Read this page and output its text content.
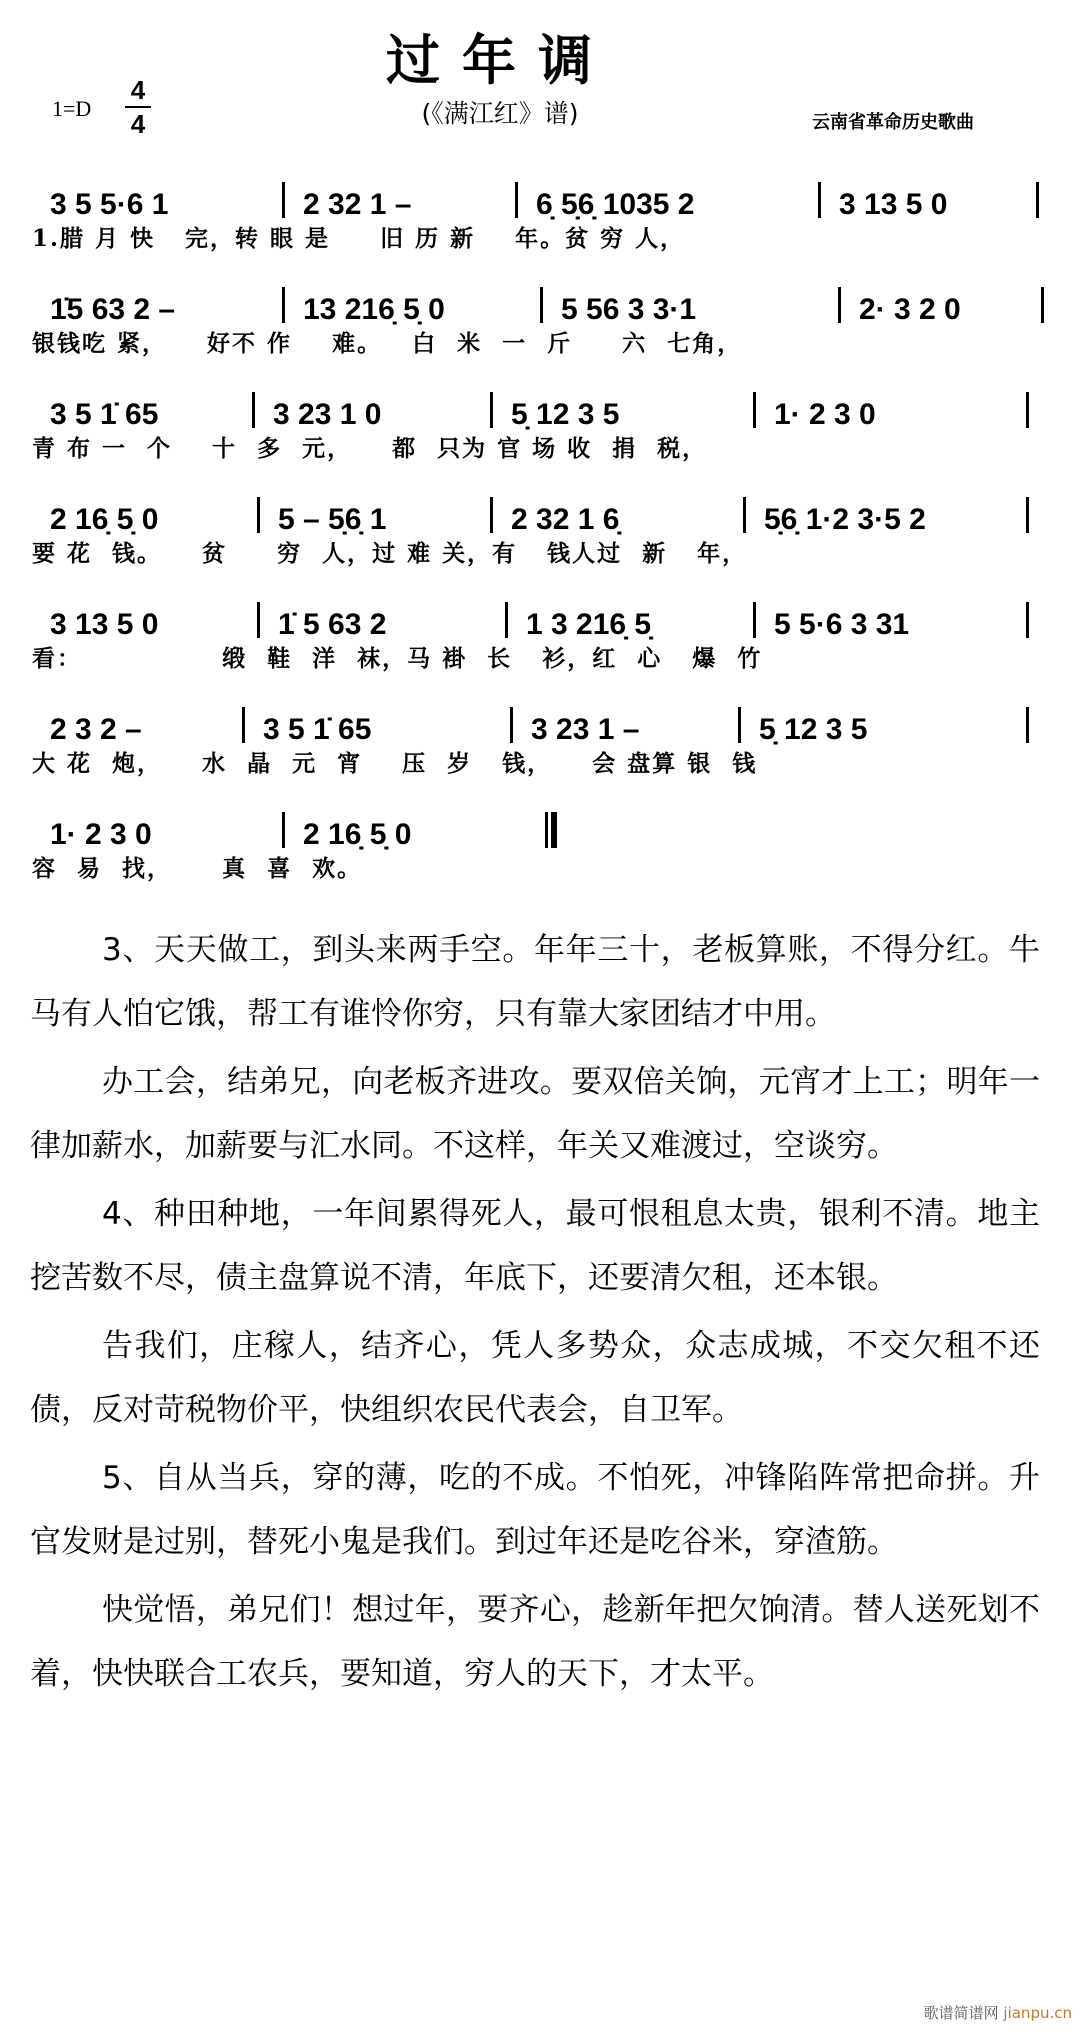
过年调
1=D
4
4	(《满江红》谱)	云南省革命历史歌曲
3 5 5·6 1	2 32 1 –	6̣ 5̣6̣ 1035 2	3 13 5 0
1.腊 月 快   完，转 眼 是     旧 历 新    年。贫 穷 人，
1̇5 63 2 –	13 216̣ 5̣ 0	5 56 3 3·1	2· 3 2 0
银钱吃 紧，    好不 作    难。   白  米  一  斤     六  七角，
3 5 1̇ 65	3 23 1 0	5̣ 12 3 5	1· 2 3 0
青 布 一  个    十  多  元，    都  只为 官 场 收  捐  税，
2 16̣ 5̣ 0	5 – 5̣6̣ 1	2 32 1 6̣	5̣6̣ 1·2 3·5 2
要 花  钱。    贫     穷  人，过 难 关，有   钱人过  新   年，
3 13 5 0	1̇ 5 63 2	1 3 216̣ 5̣	5 5·6 3 31
看：              缎  鞋  洋  袜，马 褂  长   衫，红  心   爆  竹
2 3 2 –	3 5 1̇ 65	3 23 1 –	5̣ 12 3 5
大 花  炮，    水  晶  元  宵    压  岁   钱，    会 盘算 银  钱
1· 2 3 0	2 16̣ 5̣ 0
容  易  找，     真  喜  欢。

3、天天做工，到头来两手空。年年三十，老板算账，不得分红。牛马有人怕它饿，帮工有谁怜你穷，只有靠大家团结才中用。

办工会，结弟兄，向老板齐进攻。要双倍关饷，元宵才上工；明年一律加薪水，加薪要与汇水同。不这样，年关又难渡过，空谈穷。

4、种田种地，一年间累得死人，最可恨租息太贵，银利不清。地主挖苦数不尽，债主盘算说不清，年底下，还要清欠租，还本银。

告我们，庄稼人，结齐心，凭人多势众，众志成城，不交欠租不还债，反对苛税物价平，快组织农民代表会，自卫军。

5、自从当兵，穿的薄，吃的不成。不怕死，冲锋陷阵常把命拼。升官发财是过别，替死小鬼是我们。到过年还是吃谷米，穿渣筋。

快觉悟，弟兄们！想过年，要齐心，趁新年把欠饷清。替人送死划不着，快快联合工农兵，要知道，穷人的天下，才太平。

歌谱简谱网 jianpu.cn
